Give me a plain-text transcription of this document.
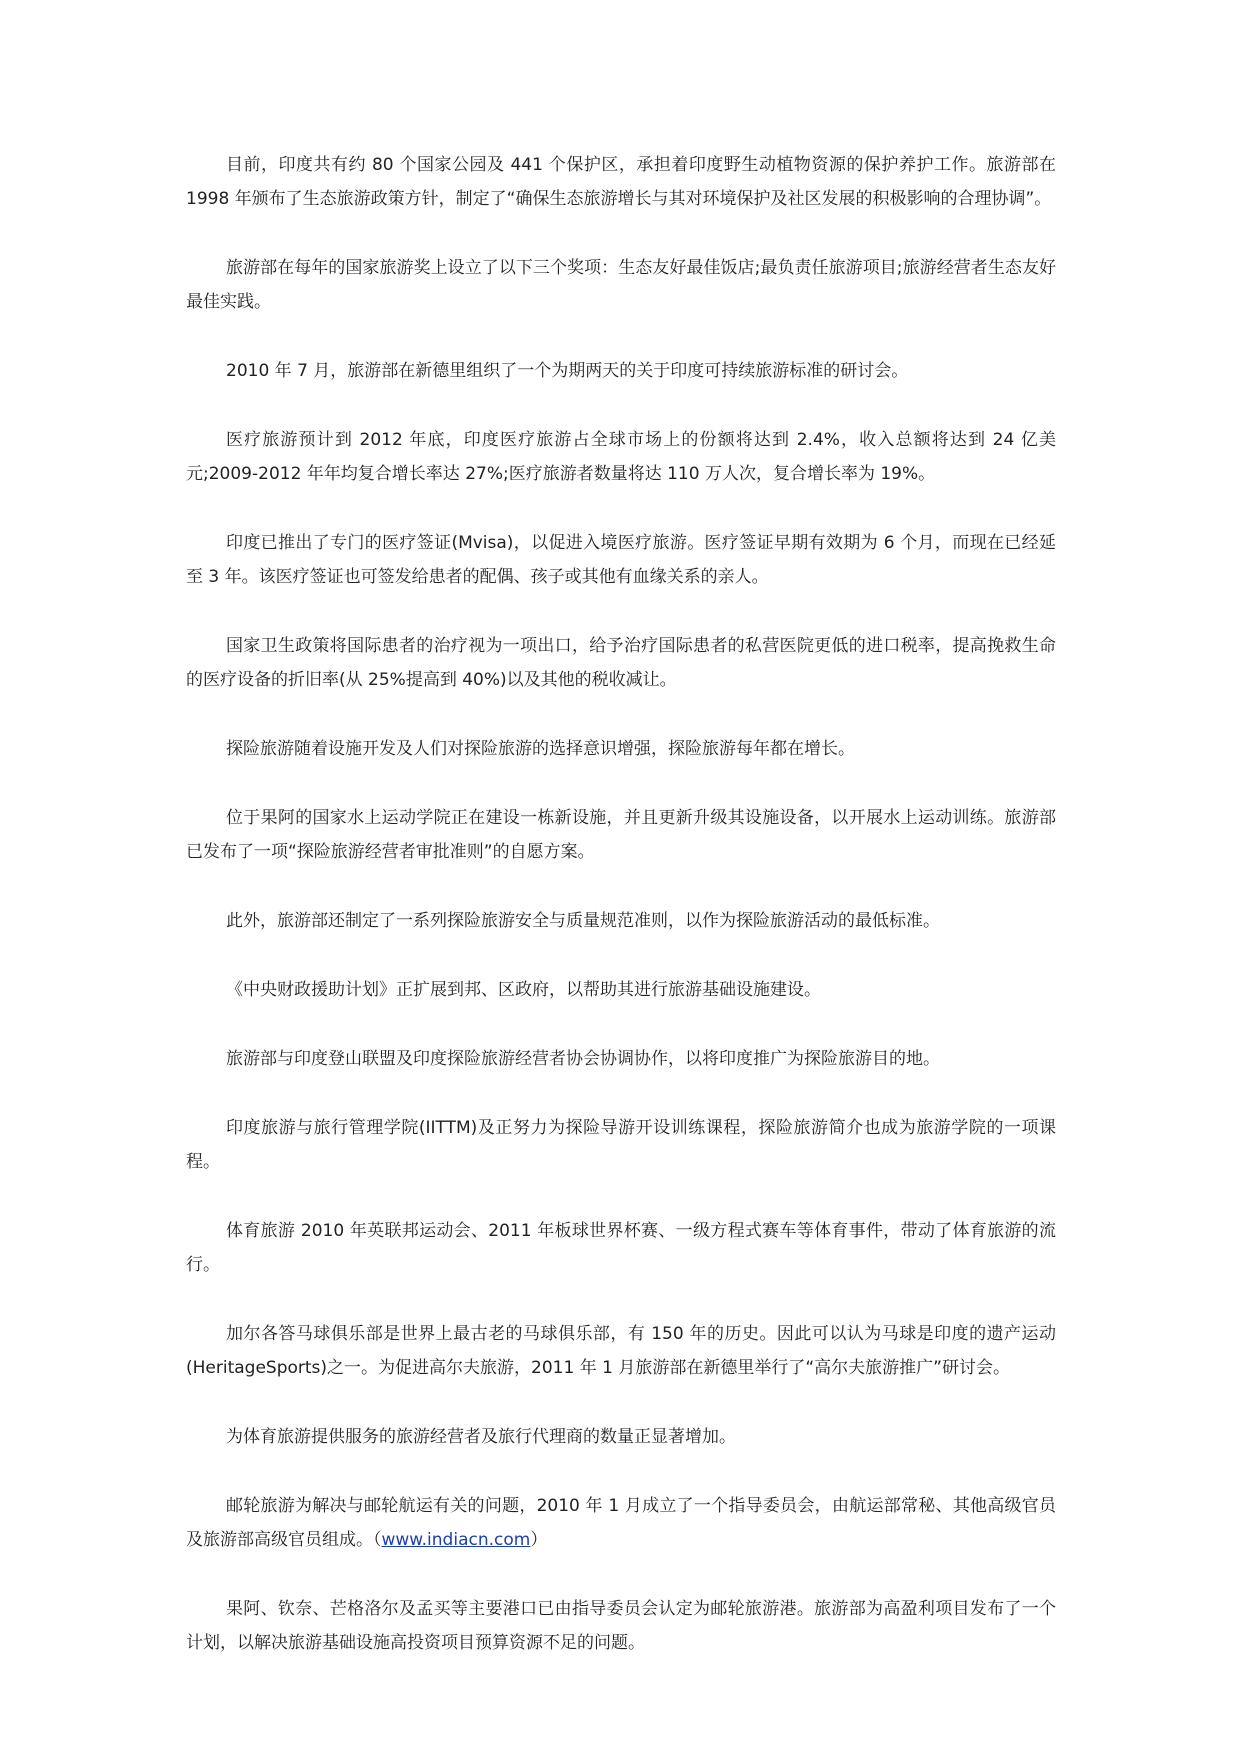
目前，印度共有约 80 个国家公园及 441 个保护区，承担着印度野生动植物资源的保护养护工作。旅游部在 1998 年颁布了生态旅游政策方针，制定了“确保生态旅游增长与其对环境保护及社区发展的积极影响的合理协调”。

旅游部在每年的国家旅游奖上设立了以下三个奖项：生态友好最佳饭店;最负责任旅游项目;旅游经营者生态友好最佳实践。

2010 年 7 月，旅游部在新德里组织了一个为期两天的关于印度可持续旅游标准的研讨会。

医疗旅游预计到 2012 年底，印度医疗旅游占全球市场上的份额将达到 2.4%，收入总额将达到 24 亿美元;2009-2012 年年均复合增长率达 27%;医疗旅游者数量将达 110 万人次，复合增长率为 19%。

印度已推出了专门的医疗签证(Mvisa)，以促进入境医疗旅游。医疗签证早期有效期为 6 个月，而现在已经延至 3 年。该医疗签证也可签发给患者的配偶、孩子或其他有血缘关系的亲人。

国家卫生政策将国际患者的治疗视为一项出口，给予治疗国际患者的私营医院更低的进口税率，提高挽救生命的医疗设备的折旧率(从 25%提高到 40%)以及其他的税收减让。

探险旅游随着设施开发及人们对探险旅游的选择意识增强，探险旅游每年都在增长。

位于果阿的国家水上运动学院正在建设一栋新设施，并且更新升级其设施设备，以开展水上运动训练。旅游部已发布了一项“探险旅游经营者审批准则”的自愿方案。

此外，旅游部还制定了一系列探险旅游安全与质量规范准则，以作为探险旅游活动的最低标准。

《中央财政援助计划》正扩展到邦、区政府，以帮助其进行旅游基础设施建设。

旅游部与印度登山联盟及印度探险旅游经营者协会协调协作，以将印度推广为探险旅游目的地。

印度旅游与旅行管理学院(IITTM)及正努力为探险导游开设训练课程，探险旅游简介也成为旅游学院的一项课程。

体育旅游 2010 年英联邦运动会、2011 年板球世界杯赛、一级方程式赛车等体育事件，带动了体育旅游的流行。

加尔各答马球俱乐部是世界上最古老的马球俱乐部，有 150 年的历史。因此可以认为马球是印度的遗产运动(HeritageSports)之一。为促进高尔夫旅游，2011 年 1 月旅游部在新德里举行了“高尔夫旅游推广”研讨会。

为体育旅游提供服务的旅游经营者及旅行代理商的数量正显著增加。

邮轮旅游为解决与邮轮航运有关的问题，2010 年 1 月成立了一个指导委员会，由航运部常秘、其他高级官员及旅游部高级官员组成。（www.indiacn.com）

果阿、钦奈、芒格洛尔及孟买等主要港口已由指导委员会认定为邮轮旅游港。旅游部为高盈利项目发布了一个计划，以解决旅游基础设施高投资项目预算资源不足的问题。
